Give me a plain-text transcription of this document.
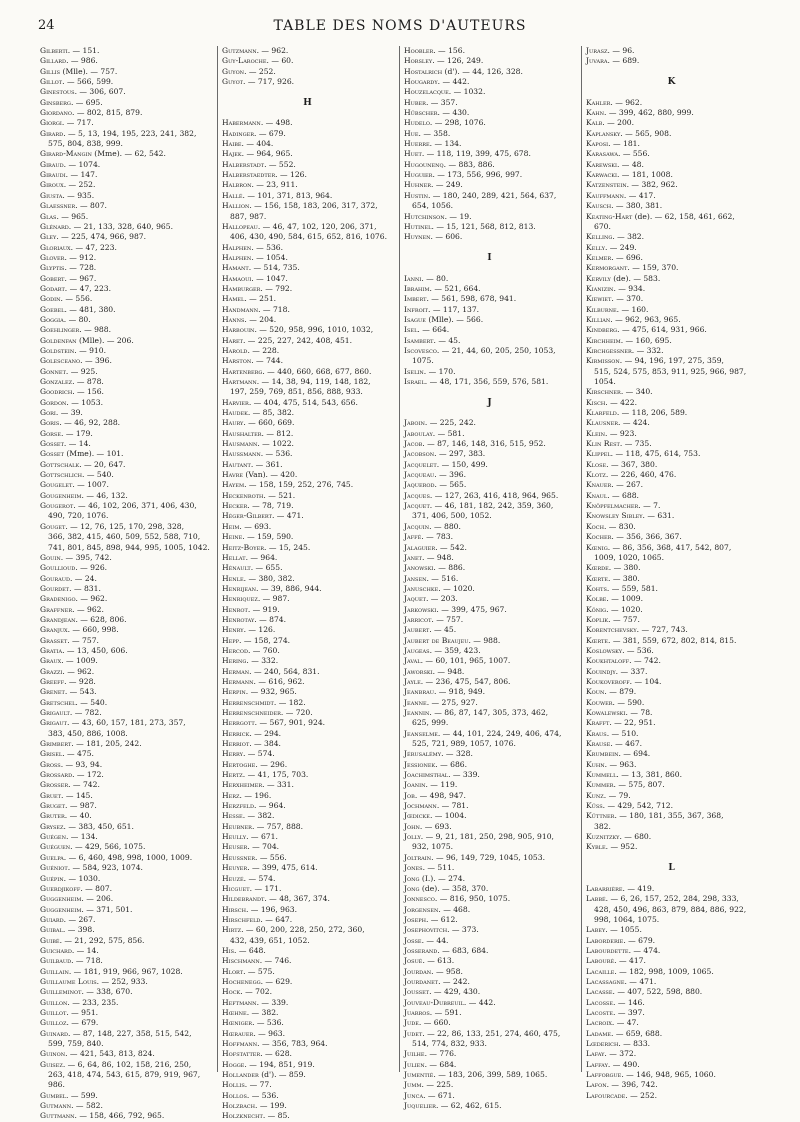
24	TABLE DES NOMS D'AUTEURS
Gilberti. — 151.
Gillard. — 986.
Gillis (Mlle). — 757.
Gillot. — 566, 599.
Ginestous. — 306, 607.
Ginsberg. — 695.
Giordano. — 802, 815, 879.
Giorgi. — 717.
Girard. — 5, 13, 194, 195, 223, 241, 382,
575, 804, 838, 999.
Girard-Mangin (Mme). — 62, 542.
Giraud. — 1074.
Giraudi. — 147.
Giroux. — 252.
Giusta. — 935.
Glaessner. — 807.
Glas. — 965.
Glénard. — 21, 133, 328, 640, 965.
Gley. — 225, 474, 966, 987.
Gloriaux. — 47, 223.
Glover. — 912.
Glyptis. — 728.
Gobert. — 967.
Godart. — 47, 223.
Godin. — 556.
Goebel. — 481, 380.
Goggia. — 80.
Goehlinger. — 988.
Goldenfan (Mlle). — 206.
Goldstein. — 910.
Golesceano. — 396.
Gonnet. — 925.
Gonzalez. — 878.
Goodrich. — 156.
Gordon. — 1053.
Gori. — 39.
Goris. — 46, 92, 288.
Gorse. — 179.
Gosset. — 14.
Gosset (Mme). — 101.
Gottschalk. — 20, 647.
Gottschlich. — 540.
Gougelet. — 1007.
Gougenheim. — 46, 132.
Gougerot. — 46, 102, 206, 371, 406, 430,
490, 720, 1076.
Gouget. — 12, 76, 125, 170, 298, 328,
366, 382, 415, 460, 509, 552, 588, 710,
741, 801, 845, 898, 944, 995, 1005, 1042.
Gouin. — 395, 742.
Goullioud. — 926.
Gouraud. — 24.
Gourdet. — 831.
Gradenigo. — 962.
Graffner. — 962.
Grandjean. — 628, 806.
Granjux. — 660, 998.
Grasset. — 757.
Gratia. — 13, 450, 606.
Graux. — 1009.
Grazzi. — 962.
Greeff. — 928.
Grenet. — 543.
Gretschel. — 540.
Grigault. — 782.
Grigaut. — 43, 60, 157, 181, 273, 357,
383, 450, 886, 1008.
Grimbert. — 181, 205, 242.
Grisel. — 475.
Gross. — 93, 94.
Grossard. — 172.
Grosser. — 742.
Gruet. — 145.
Gruget. — 987.
Gruter. — 40.
Grysez. — 383, 450, 651.
Guégen. — 134.
Guéguen. — 429, 566, 1075.
Guelpa. — 6, 460, 498, 998, 1000, 1009.
Guéniot. — 584, 923, 1074.
Guépin. — 1030.
Guerdjikoff. — 807.
Guggenheim. — 206.
Guggenheim. — 371, 501.
Guiard. — 267.
Guibal. — 398.
Guibé. — 21, 292, 575, 856.
Guichard. — 14.
Guilbaud. — 718.
Guillain. — 181, 919, 966, 967, 1028.
Guillaume Louis. — 252, 933.
Guilleminot. — 338, 670.
Guillon. — 233, 235.
Guillot. — 951.
Guilloz. — 679.
Guinard. — 87, 148, 227, 358, 515, 542,
599, 759, 840.
Guinon. — 421, 543, 813, 824.
Guisez. — 6, 64, 86, 102, 158, 216, 250,
263, 418, 474, 543, 615, 879, 919, 967,
986.
Gumbel. — 599.
Gutmann. — 582.
Guttmann. — 158, 466, 792, 965.
Gutzmann. — 962.
Guy-Laroche. — 60.
Guyon. — 252.
Guyot. — 717, 926.
H
Habermann. — 498.
Hadinger. — 679.
Haibe. — 404.
Hajek. — 964, 965.
Halberstadt. — 552.
Halberstaedter. — 126.
Halbron. — 23, 911.
Hallé. — 101, 371, 813, 964.
Hallion. — 156, 158, 183, 206, 317, 372,
887, 987.
Hallopeau. — 46, 47, 102, 120, 206, 371,
406, 430, 490, 584, 615, 652, 816, 1076.
Halphen. — 536.
Halphen. — 1054.
Hamant. — 514, 735.
Hamaoui. — 1047.
Hamburger. — 792.
Hamel. — 251.
Handmann. — 718.
Hanns. — 204.
Harbouin. — 520, 958, 996, 1010, 1032,
Haret. — 225, 227, 242, 408, 451.
Harold. — 228.
Harston. — 744.
Hartenberg. — 440, 660, 668, 677, 860.
Hartmann. — 14, 38, 94, 119, 148, 182,
197, 259, 769, 851, 856, 888, 933.
Harvier. — 404, 475, 514, 543, 656.
Haudek. — 85, 382.
Haury. — 660, 669.
Haushalter. — 812.
Hausmann. — 1022.
Haussmann. — 536.
Hautant. — 361.
Havre (Van). — 420.
Hayem. — 158, 159, 252, 276, 745.
Heckenroth. — 521.
Hecker. — 78, 719.
Héger-Gilbert. — 471.
Heim. — 693.
Heine. — 159, 590.
Heitz-Boyer. — 15, 245.
Hellat. — 964.
Hénault. — 655.
Henle. — 380, 382.
Henrijean. — 39, 886, 944.
Henriquez. — 987.
Henrot. — 919.
Henrotay. — 874.
Henry. — 126.
Hepp. — 158, 274.
Hercod. — 760.
Hering. — 332.
Herman. — 240, 564, 831.
Hermann. — 616, 962.
Herpin. — 932, 965.
Herrenschmidt. — 182.
Herrenschneider. — 720.
Herrgott. — 567, 901, 924.
Herrick. — 294.
Herriot. — 384.
Herry. — 574.
Hertoghe. — 296.
Hertz. — 41, 175, 703.
Herxheimer. — 331.
Herz. — 196.
Herzfeld. — 964.
Hesse. — 382.
Heubner. — 757, 888.
Heully. — 671.
Heuser. — 704.
Heussner. — 556.
Heuyer. — 399, 475, 614.
Heuzé. — 574.
Hicguet. — 171.
Hildebrandt. — 48, 367, 374.
Hirsch. — 196, 963.
Hirschfeld. — 647.
Hirtz. — 60, 200, 228, 250, 272, 360,
432, 439, 651, 1052.
His. — 648.
Hischmann. — 746.
Hlort. — 575.
Hochenegg. — 629.
Hock. — 702.
Heftmann. — 339.
Hœhne. — 382.
Hœniger. — 536.
Hœrauer. — 963.
Hoffmann. — 356, 783, 964.
Hofstatter. — 628.
Hogge. — 194, 851, 919.
Hollander (d'). — 859.
Hollis. — 77.
Hollos. — 536.
Holzbach. — 199.
Holzknecht. — 85.
Hoobler. — 156.
Horsley. — 126, 249.
Hostalrich (d'). — 44, 126, 328.
Hougardy. — 442.
Houzelacque. — 1032.
Huber. — 357.
Hübscher. — 430.
Hudelo. — 298, 1076.
Hue. — 358.
Huerre. — 134.
Huet. — 118, 119, 399, 475, 678.
Hugounenq. — 883, 886.
Huguier. — 173, 556, 996, 997.
Huhner. — 249.
Hustin. — 180, 240, 289, 421, 564, 637,
654, 1056.
Hutchinson. — 19.
Hutinel. — 15, 121, 568, 812, 813.
Huynen. — 606.
I
Ianni. — 80.
Ibrahim. — 521, 664.
Imbert. — 561, 598, 678, 941.
Infroit. — 117, 137.
Isague (Mlle). — 566.
Isel. — 664.
Isambert. — 45.
Iscovesco. — 21, 44, 60, 205, 250, 1053,
1075.
Iselin. — 170.
Israel. — 48, 171, 356, 559, 576, 581.
J
Jaboin. — 225, 242.
Jaboulay. — 581.
Jacob. — 87, 146, 148, 316, 515, 952.
Jacobson. — 297, 383.
Jacquelet. — 150, 499.
Jacqueau. — 396.
Jaquerod. — 565.
Jacques. — 127, 263, 416, 418, 964, 965.
Jacquet. — 46, 181, 182, 242, 359, 360,
371, 406, 500, 1052.
Jacquin. — 880.
Jaffé. — 783.
Jalaguier. — 542.
Janet. — 948.
Janowski. — 886.
Jansen. — 516.
Januschke. — 1020.
Jaquet. — 203.
Jarkowski. — 399, 475, 967.
Jarricot. — 757.
Jaubert. — 45.
Jaubert de Beaujeu. — 988.
Jaugeas. — 359, 423.
Javal. — 60, 101, 965, 1007.
Jaworski. — 948.
Jayle. — 236, 475, 547, 806.
Jeanbrau. — 918, 949.
Jeanne. — 275, 927.
Jeannin. — 86, 87, 147, 305, 373, 462,
625, 999.
Jeanselme. — 44, 101, 224, 249, 406, 474,
525, 721, 989, 1057, 1076.
Jérusalémy. — 328.
Jessionek. — 686.
Joachimsthal. — 339.
Joanin. — 119.
Job. — 498, 947.
Jochmann. — 781.
Jœdicke. — 1004.
John. — 693.
Jolly. — 9, 21, 181, 250, 298, 905, 910,
932, 1075.
Joltrain. — 96, 149, 729, 1045, 1053.
Jones. — 511.
Jong (I.). — 274.
Jong (de). — 358, 370.
Jonnesco. — 816, 950, 1075.
Jorgensen. — 468.
Joseph. — 612.
Josephovitch. — 373.
Josse. — 44.
Josserand. — 683, 684.
Josué. — 613.
Jourdan. — 958.
Jourdanet. — 242.
Jousset. — 429, 430.
Jouveau-Dubreuil. — 442.
Juarros. — 591.
Jude. — 660.
Judet. — 22, 86, 133, 251, 274, 460, 475,
514, 774, 832, 933.
Juilhe. — 776.
Julien. — 684.
Jumentié. — 183, 206, 399, 589, 1065.
Jumm. — 225.
Junca. — 671.
Juquelier. — 62, 462, 615.
Jurasz. — 96.
Juvara. — 689.
K
Kahler. — 962.
Kahn. — 399, 462, 880, 999.
Kalb. — 200.
Kaplansky. — 565, 908.
Kaposi. — 181.
Karasawa. — 556.
Karewski. — 48.
Karwacki. — 181, 1008.
Katzenstein. — 382, 962.
Kauffmann. — 417.
Kausch. — 380, 381.
Keating-Hart (de). — 62, 158, 461, 662,
670.
Kelling. — 382.
Kelly. — 249.
Kelmer. — 696.
Kermorgant. — 159, 370.
Kervily (de). — 583.
Kianizin. — 934.
Kiewiet. — 370.
Kilburne. — 160.
Killian. — 962, 963, 965.
Kindberg. — 475, 614, 931, 966.
Kirchheim. — 160, 695.
Kirchgessner. — 332.
Kirmisson. — 94, 196, 197, 275, 359,
515, 524, 575, 853, 911, 925, 966, 987,
1054.
Kirschner. — 340.
Kisch. — 422.
Klarfeld. — 118, 206, 589.
Klausner. — 424.
Klein. — 923.
Klin Rest. — 735.
Klippel. — 118, 475, 614, 753.
Klose. — 367, 380.
Klotz. — 226, 460, 476.
Knauer. — 267.
Knaul. — 688.
Knöpfelmacher. — 7.
Knowsley Sibley. — 631.
Koch. — 830.
Kocher. — 356, 366, 367.
Kœnig. — 86, 356, 368, 417, 542, 807,
1009, 1020, 1065.
Kœrde. — 380.
Kœrte. — 380.
Kohts. — 559, 581.
Kolbe. — 1009.
König. — 1020.
Koplik. — 757.
Korentchevsky. — 727, 743.
Kœrte. — 381, 559, 672, 802, 814, 815.
Koslowsky. — 536.
Koukhtaloff. — 742.
Kouindjy. — 337.
Koukoveroff. — 104.
Koun. — 879.
Kouwer. — 590.
Kowalewski. — 78.
Krafft. — 22, 951.
Kraus. — 510.
Krause. — 467.
Krumbein. — 694.
Kuhn. — 963.
Kummell. — 13, 381, 860.
Kummer. — 575, 807.
Kunz. — 79.
Küss. — 429, 542, 712.
Küttner. — 180, 181, 355, 367, 368,
382.
Kuznitzky. — 680.
Kyble. — 952.
L
Labarrière. — 419.
Labbé. — 6, 26, 157, 252, 284, 298, 333,
428, 450, 496, 863, 879, 884, 886, 922,
998, 1064, 1075.
Labey. — 1055.
Laborderie. — 679.
Labourdette. — 474.
Labouré. — 417.
Lacaille. — 182, 998, 1009, 1065.
Lacassagne. — 471.
Lacasse. — 407, 522, 598, 880.
Lacosse. — 146.
Lacoste. — 397.
Lacroix. — 47.
Ladame. — 659, 688.
Lœderich. — 833.
Lafay. — 372.
Laffay. — 490.
Lafforgue. — 146, 948, 965, 1060.
Lafon. — 396, 742.
Lafourcade. — 252.
